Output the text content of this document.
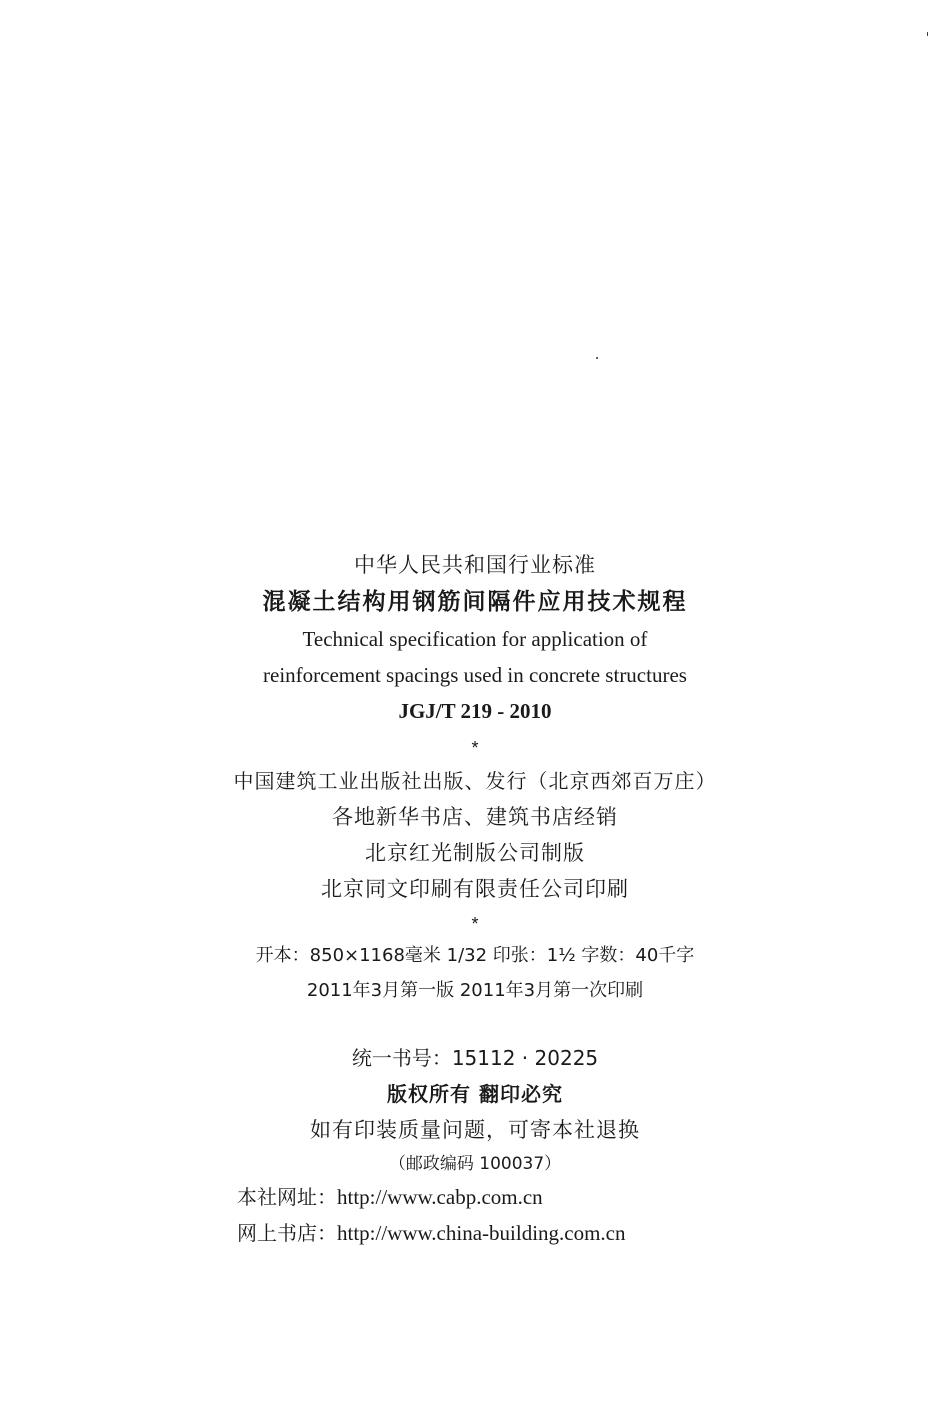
中华人民共和国行业标准
混凝土结构用钢筋间隔件应用技术规程
Technical specification for application of
reinforcement spacings used in concrete structures
JGJ/T 219 - 2010
*
中国建筑工业出版社出版、发行（北京西郊百万庄）
各地新华书店、建筑书店经销
北京红光制版公司制版
北京同文印刷有限责任公司印刷
*
开本：850×1168毫米 1/32 印张：1½ 字数：40千字
2011年3月第一版 2011年3月第一次印刷
统一书号：15112 · 20225
版权所有 翻印必究
如有印装质量问题，可寄本社退换
（邮政编码 100037）
本社网址：http://www.cabp.com.cn
网上书店：http://www.china-building.com.cn
